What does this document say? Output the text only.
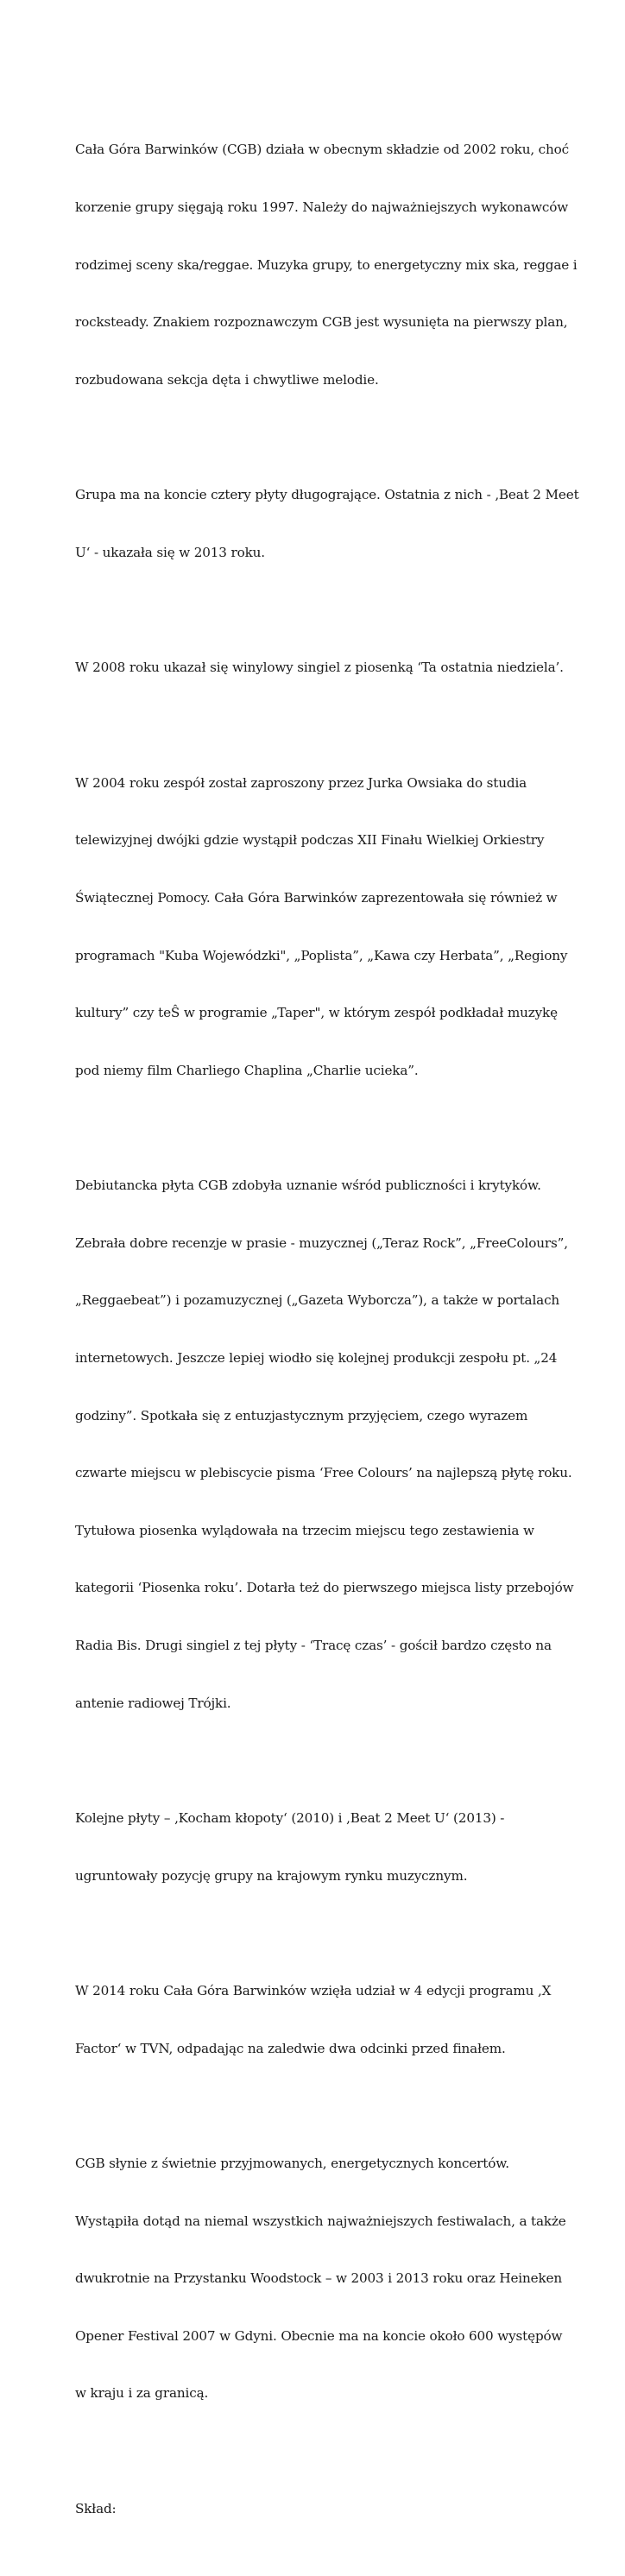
Cała Góra Barwinków (CGB) działa w obecnym składzie od 2002 roku, choć

korzenie grupy sięgają roku 1997. Należy do najważniejszych wykonawców

rodzimej sceny ska/reggae. Muzyka grupy, to energetyczny mix ska, reggae i

rocksteady. Znakiem rozpoznawczym CGB jest wysunięta na pierwszy plan,

rozbudowana sekcja dęta i chwytliwe melodie.

Grupa ma na koncie cztery płyty długogrające. Ostatnia z nich - ‚Beat 2 Meet

U‘ - ukazała się w 2013 roku.

W 2008 roku ukazał się winylowy singiel z piosenką ‘Ta ostatnia niedziela’.

W 2004 roku zespół został zaproszony przez Jurka Owsiaka do studia

telewizyjnej dwójki gdzie wystąpił podczas XII Finału Wielkiej Orkiestry

Świątecznej Pomocy. Cała Góra Barwinków zaprezentowała się również w

programach "Kuba Wojewódzki", „Poplista”, „Kawa czy Herbata”, „Regiony

kultury” czy teŜ w programie „Taper", w którym zespół podkładał muzykę

pod niemy film Charliego Chaplina „Charlie ucieka”.

Debiutancka płyta CGB zdobyła uznanie wśród publiczności i krytyków.

Zebrała dobre recenzje w prasie - muzycznej („Teraz Rock”, „FreeColours”,

„Reggaebeat”) i pozamuzycznej („Gazeta Wyborcza”), a także w portalach

internetowych. Jeszcze lepiej wiodło się kolejnej produkcji zespołu pt. „24

godziny”. Spotkała się z entuzjastycznym przyjęciem, czego wyrazem

czwarte miejscu w plebiscycie pisma ‘Free Colours’ na najlepszą płytę roku.

Tytułowa piosenka wylądowała na trzecim miejscu tego zestawienia w

kategorii ‘Piosenka roku’. Dotarła też do pierwszego miejsca listy przebojów

Radia Bis. Drugi singiel z tej płyty - ‘Tracę czas’ - gościł bardzo często na

antenie radiowej Trójki.

Kolejne płyty – ‚Kocham kłopoty‘ (2010) i ‚Beat 2 Meet U‘ (2013) -

ugruntowały pozycję grupy na krajowym rynku muzycznym.

W 2014 roku Cała Góra Barwinków wzięła udział w 4 edycji programu ‚X

Factor‘ w TVN, odpadając na zaledwie dwa odcinki przed finałem.

CGB słynie z świetnie przyjmowanych, energetycznych koncertów.

Wystąpiła dotąd na niemal wszystkich najważniejszych festiwalach, a także

dwukrotnie na Przystanku Woodstock – w 2003 i 2013 roku oraz Heineken

Opener Festival 2007 w Gdyni. Obecnie ma na koncie około 600 występów

w kraju i za granicą.

Skład:
